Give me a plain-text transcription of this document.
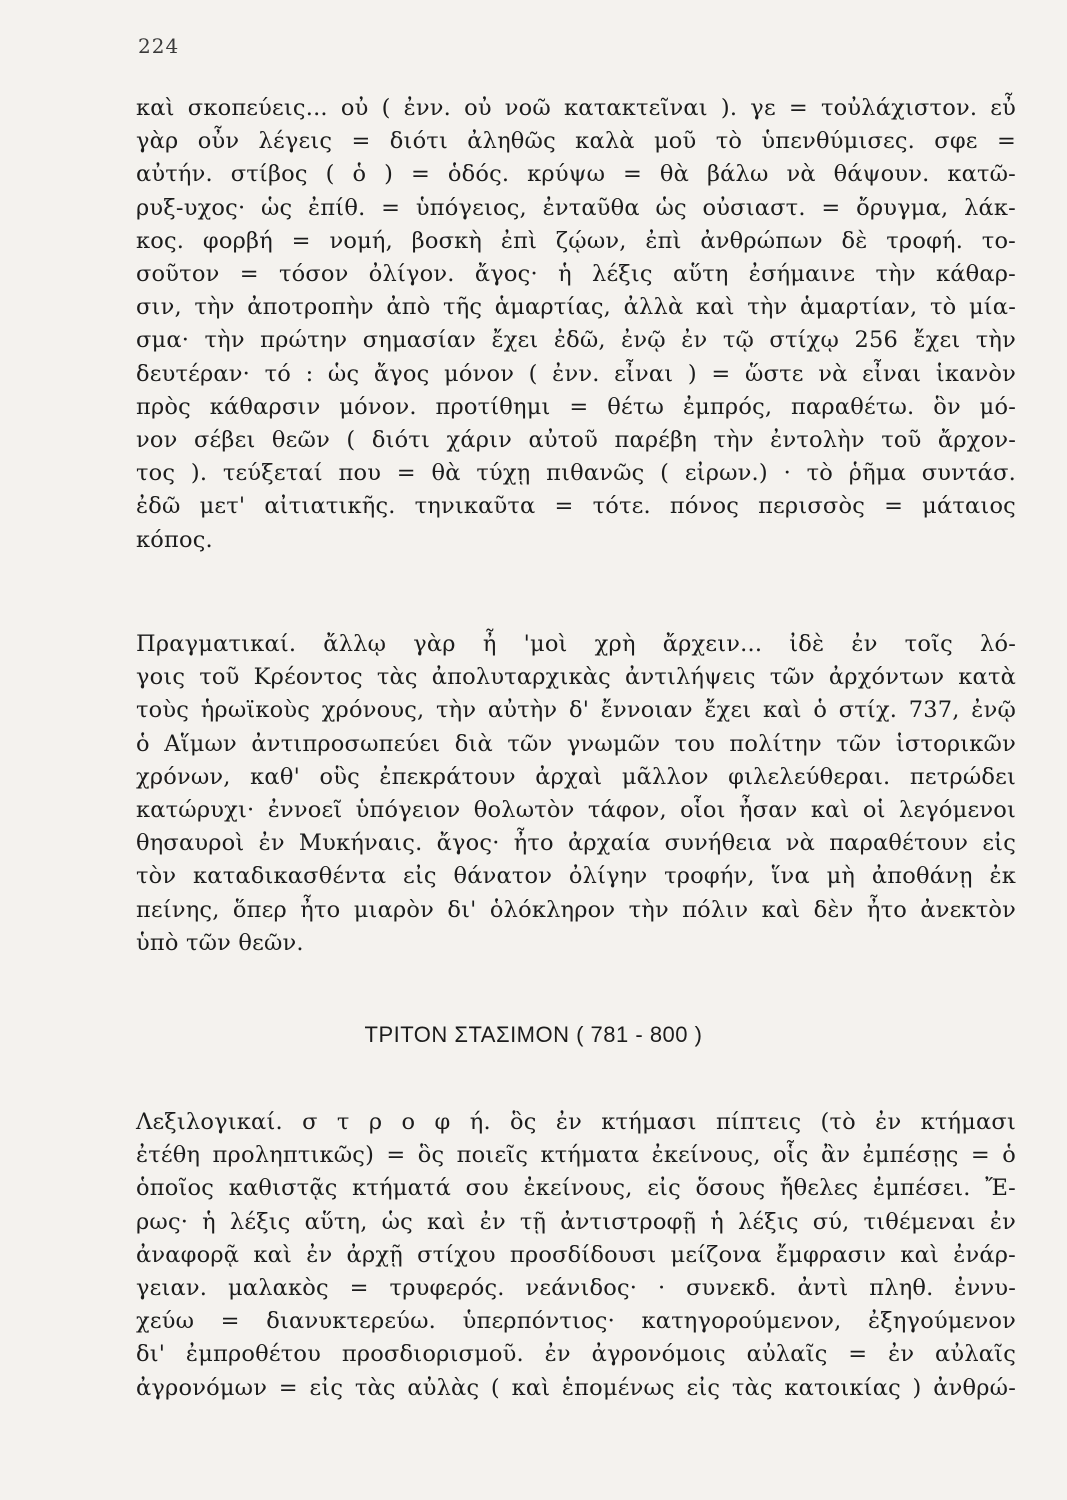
224
καὶ σκοπεύεις... οὐ ( ἐνν. οὐ νοῶ κατακτεῖναι ). γε = τοὐλάχιστον. εὖ
γὰρ οὖν λέγεις = διότι ἀληθῶς καλὰ μοῦ τὸ ὑπενθύμισες. σφε =
αὐτήν. στίβος ( ὁ ) = ὁδός. κρύψω = θὰ βάλω νὰ θάψουν. κατῶ-
ρυξ-υχος· ὡς ἐπίθ. = ὑπόγειος, ἐνταῦθα ὡς οὐσιαστ. = ὄρυγμα, λάκ-
κος. φορβή = νομή, βοσκὴ ἐπὶ ζῴων, ἐπὶ ἀνθρώπων δὲ τροφή. το-
σοῦτον = τόσον ὀλίγον. ἄγος· ἡ λέξις αὕτη ἐσήμαινε τὴν κάθαρ-
σιν, τὴν ἀποτροπὴν ἀπὸ τῆς ἁμαρτίας, ἀλλὰ καὶ τὴν ἁμαρτίαν, τὸ μία-
σμα· τὴν πρώτην σημασίαν ἔχει ἐδῶ, ἐνῷ ἐν τῷ στίχῳ 256 ἔχει τὴν
δευτέραν· τό : ὡς ἄγος μόνον ( ἐνν. εἶναι ) = ὥστε νὰ εἶναι ἱκανὸν
πρὸς κάθαρσιν μόνον. προτίθημι = θέτω ἐμπρός, παραθέτω. ὃν μό-
νον σέβει θεῶν ( διότι χάριν αὐτοῦ παρέβη τὴν ἐντολὴν τοῦ ἄρχον-
τος ). τεύξεταί που = θὰ τύχῃ πιθανῶς ( εἰρων.) · τὸ ῥῆμα συντάσ.
ἐδῶ μετ' αἰτιατικῆς. τηνικαῦτα = τότε. πόνος περισσὸς = μάταιος
κόπος.
Πραγματικαί. ἄλλῳ γὰρ ἦ 'μοὶ χρὴ ἄρχειν... ἰδὲ ἐν τοῖς λό-
γοις τοῦ Κρέοντος τὰς ἀπολυταρχικὰς ἀντιλήψεις τῶν ἀρχόντων κατὰ
τοὺς ἡρωϊκοὺς χρόνους, τὴν αὐτὴν δ' ἔννοιαν ἔχει καὶ ὁ στίχ. 737, ἐνῷ
ὁ Αἵμων ἀντιπροσωπεύει διὰ τῶν γνωμῶν του πολίτην τῶν ἱστορικῶν
χρόνων, καθ' οὓς ἐπεκράτουν ἀρχαὶ μᾶλλον φιλελεύθεραι. πετρώδει
κατώρυχι· ἐννοεῖ ὑπόγειον θολωτὸν τάφον, οἷοι ἦσαν καὶ οἱ λεγόμενοι
θησαυροὶ ἐν Μυκήναις. ἄγος· ἦτο ἀρχαία συνήθεια νὰ παραθέτουν εἰς
τὸν καταδικασθέντα εἰς θάνατον ὀλίγην τροφήν, ἵνα μὴ ἀποθάνῃ ἐκ
πείνης, ὅπερ ἦτο μιαρὸν δι' ὁλόκληρον τὴν πόλιν καὶ δὲν ἦτο ἀνεκτὸν
ὑπὸ τῶν θεῶν.
ΤΡΙΤΟΝ ΣΤΑΣΙΜΟΝ ( 781 - 800 )
Λεξιλογικαί. σ τ ρ ο φ ή. ὃς ἐν κτήμασι πίπτεις (τὸ ἐν κτήμασι
ἐτέθη προληπτικῶς) = ὃς ποιεῖς κτήματα ἐκείνους, οἷς ἂν ἐμπέσῃς = ὁ
ὁποῖος καθιστᾷς κτήματά σου ἐκείνους, εἰς ὅσους ἤθελες ἐμπέσει. Ἔ-
ρως· ἡ λέξις αὕτη, ὡς καὶ ἐν τῇ ἀντιστροφῇ ἡ λέξις σύ, τιθέμεναι ἐν
ἀναφορᾷ καὶ ἐν ἀρχῇ στίχου προσδίδουσι μείζονα ἔμφρασιν καὶ ἐνάρ-
γειαν. μαλακὸς = τρυφερός. νεάνιδος· · συνεκδ. ἀντὶ πληθ. ἐννυ-
χεύω = διανυκτερεύω. ὑπερπόντιος· κατηγορούμενον, ἐξηγούμενον
δι' ἐμπροθέτου προσδιορισμοῦ. ἐν ἀγρονόμοις αὐλαῖς = ἐν αὐλαῖς
ἀγρονόμων = εἰς τὰς αὐλὰς ( καὶ ἑπομένως εἰς τὰς κατοικίας ) ἀνθρώ-
